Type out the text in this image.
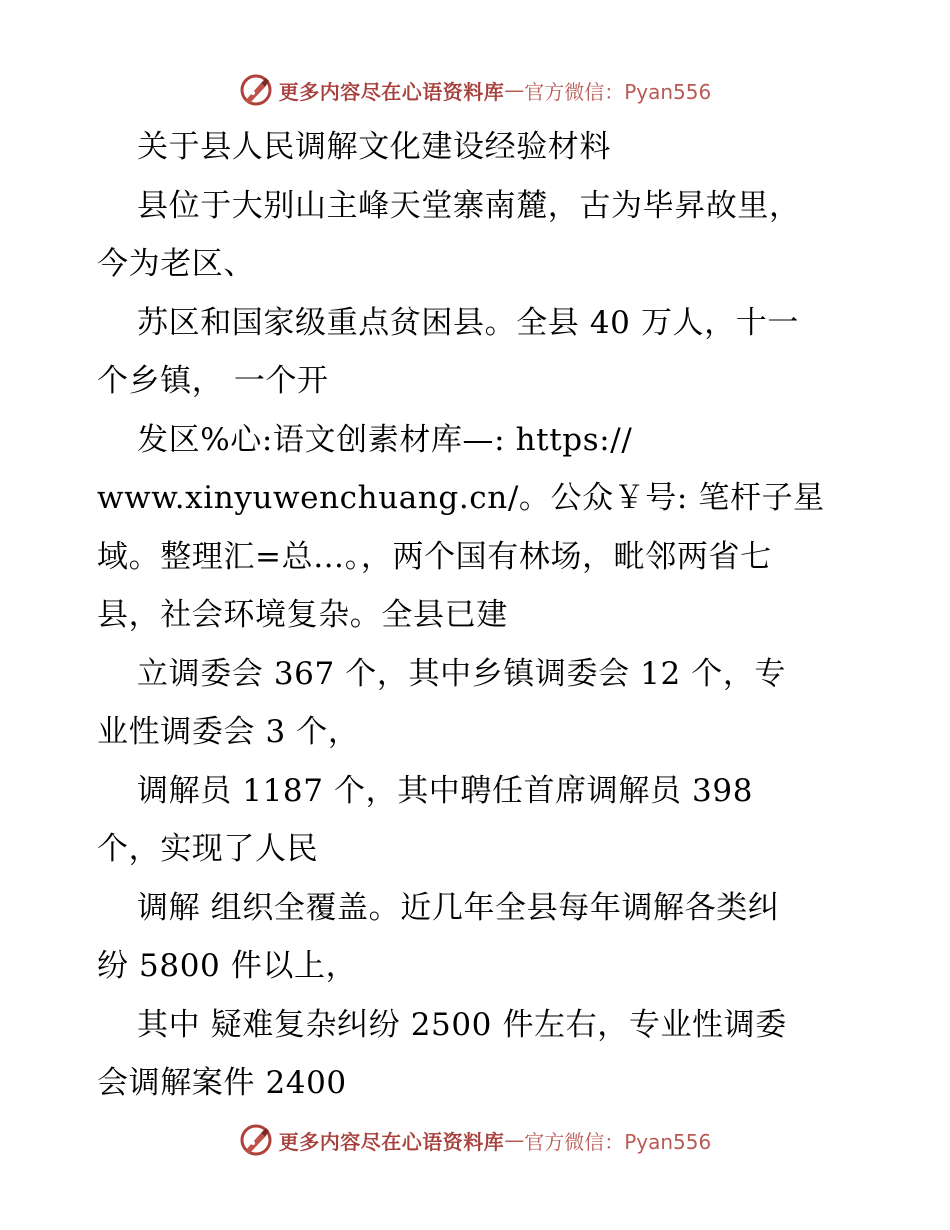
更多内容尽在心语资料库 — 官方微信：Pyan556
关于县人民调解文化建设经验材料
县位于大别山主峰天堂寨南麓，古为毕昇故里，
今为老区、
苏区和国家级重点贫困县。全县 40 万人，十一
个乡镇， 一个开
发区%心:语文创素材库—: https://
www.xinyuwenchuang.cn/。公众￥号: 笔杆子星
域。整理汇=总…。，两个国有林场，毗邻两省七
县，社会环境复杂。全县已建
立调委会 367 个，其中乡镇调委会 12 个，专
业性调委会 3 个，
调解员 1187 个，其中聘任首席调解员 398
个，实现了人民
调解 组织全覆盖。近几年全县每年调解各类纠
纷 5800 件以上，
其中 疑难复杂纠纷 2500 件左右，专业性调委
会调解案件 2400
更多内容尽在心语资料库 — 官方微信：Pyan556
